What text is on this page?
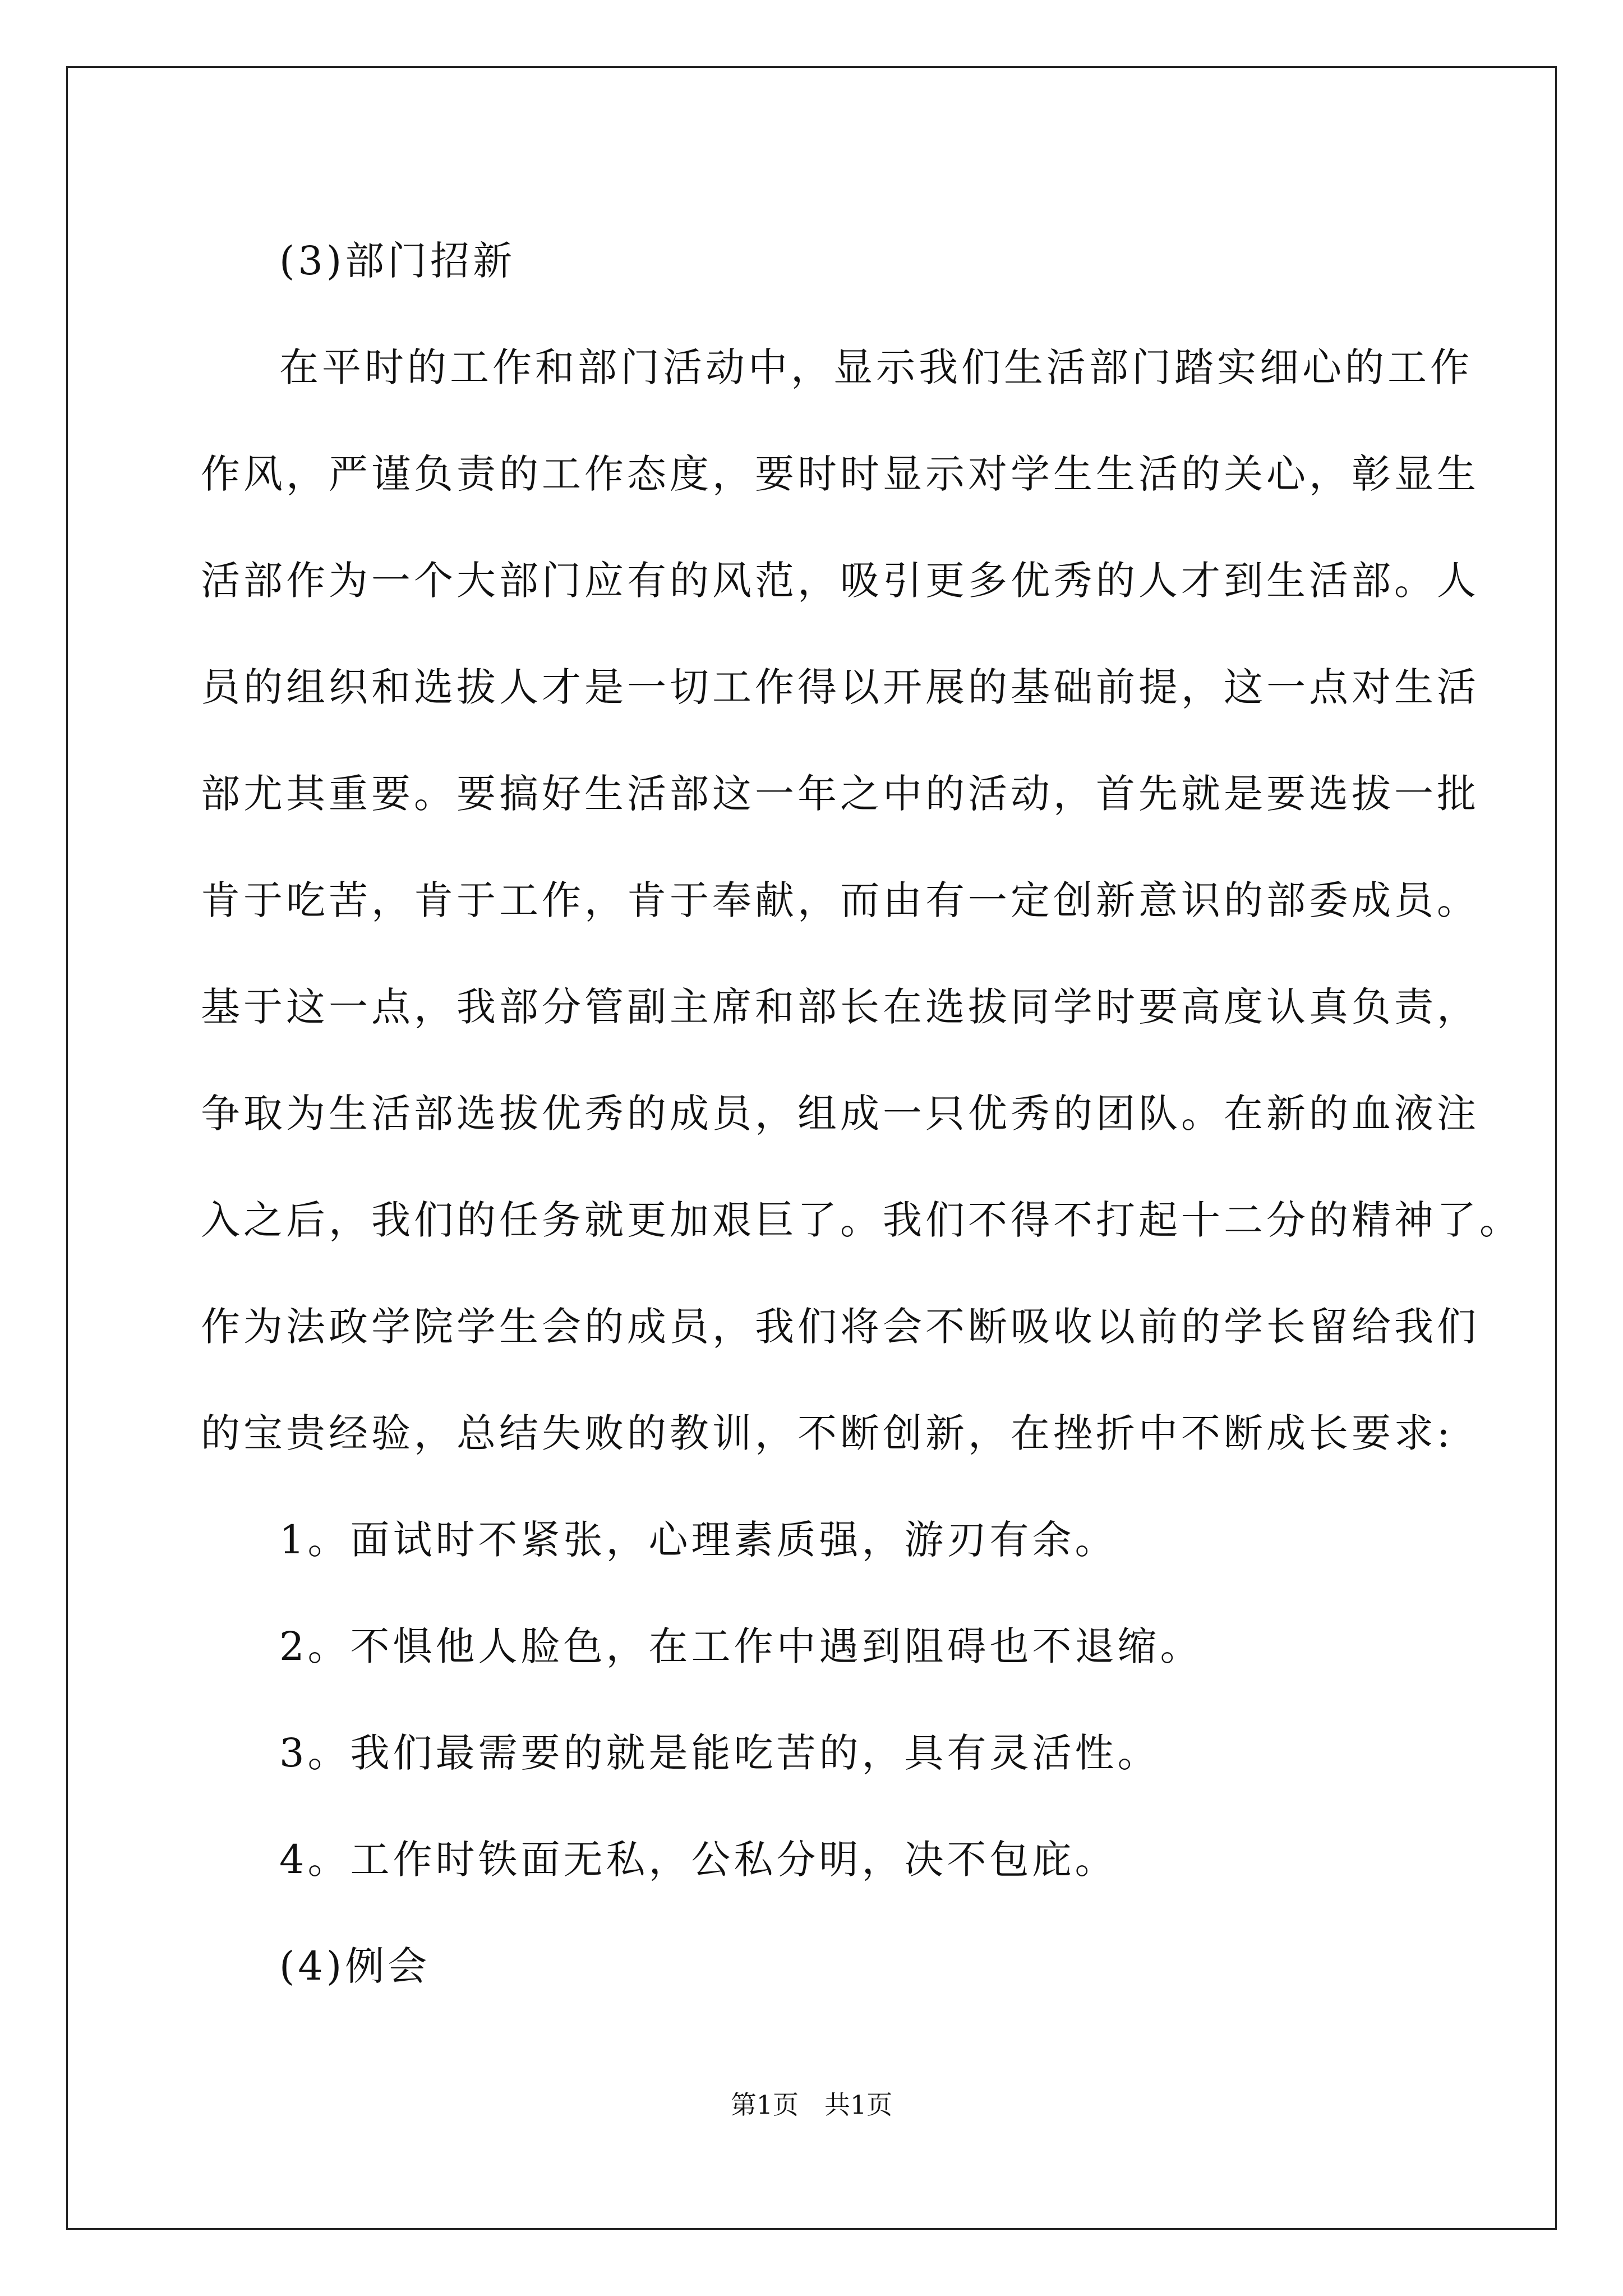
(3)部门招新
在平时的工作和部门活动中，显示我们生活部门踏实细心的工作
作风，严谨负责的工作态度，要时时显示对学生生活的关心，彰显生
活部作为一个大部门应有的风范，吸引更多优秀的人才到生活部。人
员的组织和选拔人才是一切工作得以开展的基础前提，这一点对生活
部尤其重要。要搞好生活部这一年之中的活动，首先就是要选拔一批
肯于吃苦，肯于工作，肯于奉献，而由有一定创新意识的部委成员。
基于这一点，我部分管副主席和部长在选拔同学时要高度认真负责，
争取为生活部选拔优秀的成员，组成一只优秀的团队。在新的血液注
入之后，我们的任务就更加艰巨了。我们不得不打起十二分的精神了。
作为法政学院学生会的成员，我们将会不断吸收以前的学长留给我们
的宝贵经验，总结失败的教训，不断创新，在挫折中不断成长要求:
1。面试时不紧张，心理素质强，游刃有余。
2。不惧他人脸色，在工作中遇到阻碍也不退缩。
3。我们最需要的就是能吃苦的，具有灵活性。
4。工作时铁面无私，公私分明，决不包庇。
(4)例会
第1页 共1页
